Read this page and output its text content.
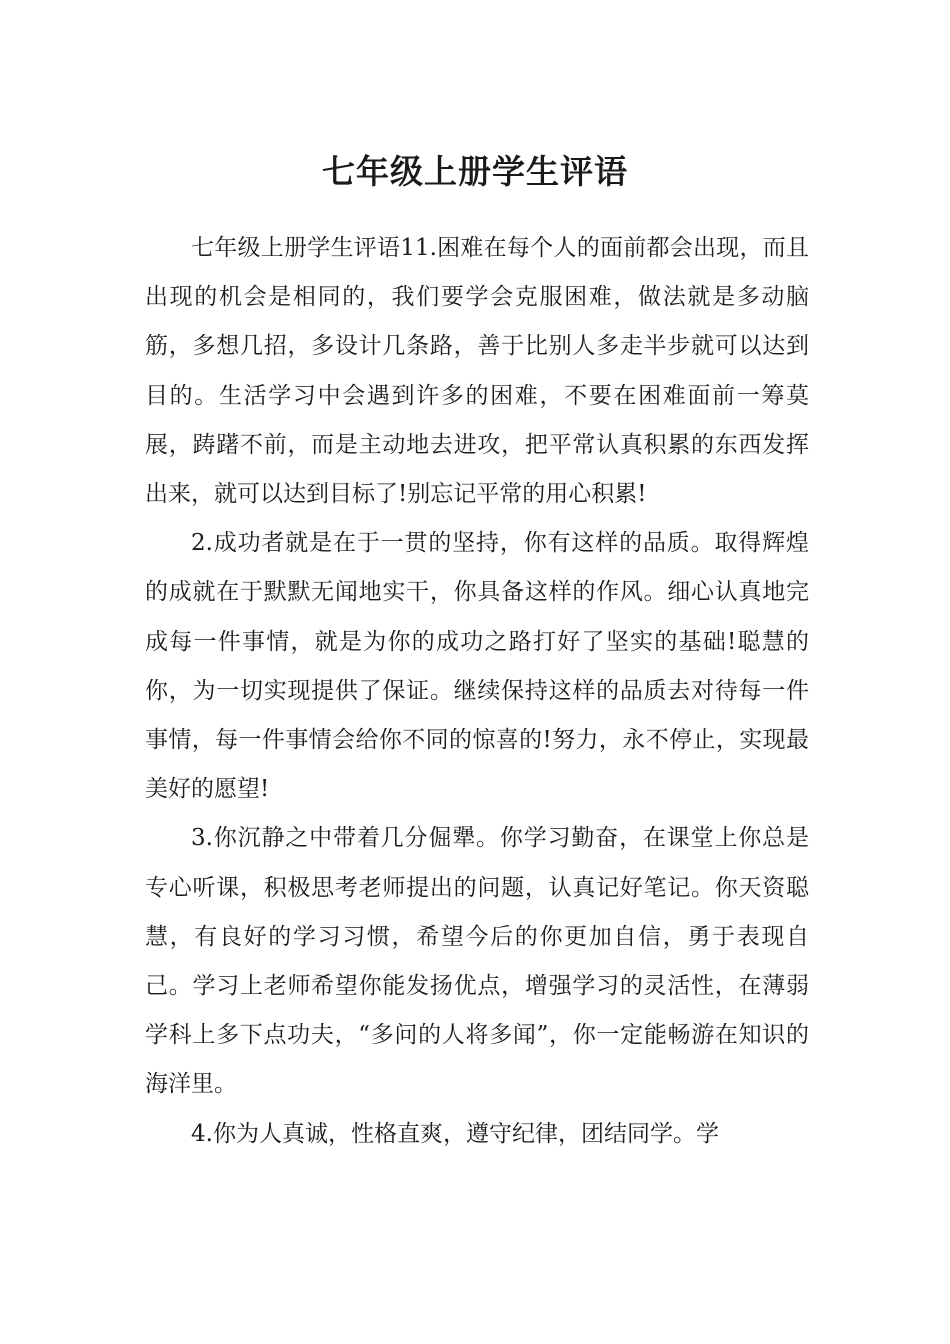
七年级上册学生评语

七年级上册学生评语11.困难在每个人的面前都会出现，而且出现的机会是相同的，我们要学会克服困难，做法就是多动脑筋，多想几招，多设计几条路，善于比别人多走半步就可以达到目的。生活学习中会遇到许多的困难，不要在困难面前一筹莫展，踌躇不前，而是主动地去进攻，把平常认真积累的东西发挥出来，就可以达到目标了!别忘记平常的用心积累!

2.成功者就是在于一贯的坚持，你有这样的品质。取得辉煌的成就在于默默无闻地实干，你具备这样的作风。细心认真地完成每一件事情，就是为你的成功之路打好了坚实的基础!聪慧的你，为一切实现提供了保证。继续保持这样的品质去对待每一件事情，每一件事情会给你不同的惊喜的!努力，永不停止，实现最美好的愿望!

3.你沉静之中带着几分倔犟。你学习勤奋，在课堂上你总是专心听课，积极思考老师提出的问题，认真记好笔记。你天资聪慧，有良好的学习习惯，希望今后的你更加自信，勇于表现自己。学习上老师希望你能发扬优点，增强学习的灵活性，在薄弱学科上多下点功夫，“多问的人将多闻”，你一定能畅游在知识的海洋里。

4.你为人真诚，性格直爽，遵守纪律，团结同学。学
